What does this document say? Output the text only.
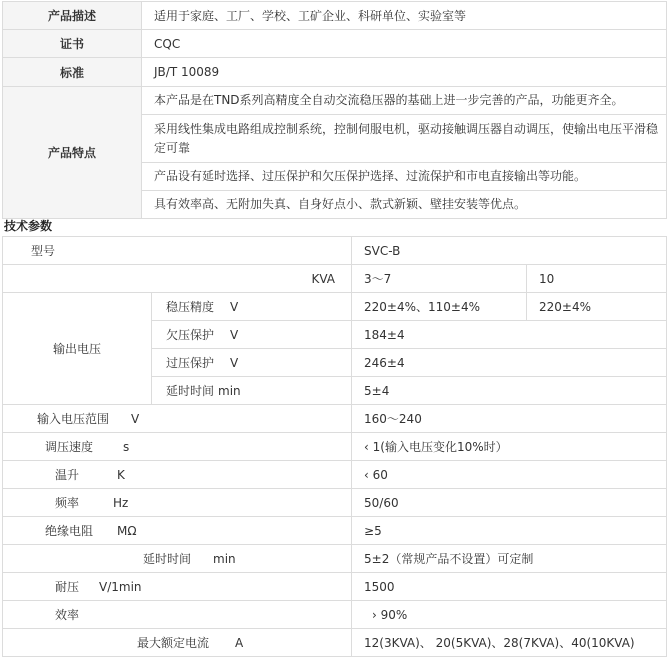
产品描述	适用于家庭、工厂、学校、工矿企业、科研单位、实验室等
证书	CQC
标准	JB/T 10089
产品特点	本产品是在TND系列高精度全自动交流稳压器的基础上进一步完善的产品，功能更齐全。
	采用线性集成电路组成控制系统，控制伺服电机，驱动接触调压器自动调压，使输出电压平滑稳定可靠
	产品设有延时选择、过压保护和欠压保护选择、过流保护和市电直接输出等功能。
	具有效率高、无附加失真、自身好点小、款式新颖、壁挂安装等优点。
技术参数
型号		SVC-B	
KVA		3～7	10
输出电压	稳压精度 V	220±4%、110±4%	220±4%
	欠压保护 V	184±4	
	过压保护 V	246±4	
	延时时间 min	5±4	
输入电压范围 V		160～240	
调压速度 s		‹ 1(输入电压变化10%时）	
温升 K		‹ 60	
频率 Hz		50/60	
绝缘电阻 MΩ		≥5	
延时时间 min		5±2（常规产品不设置）可定制	
耐压 V/1min		1500	
效率		› 90%	
最大额定电流 A		12(3KVA)、 20(5KVA)、28(7KVA)、40(10KVA)	
